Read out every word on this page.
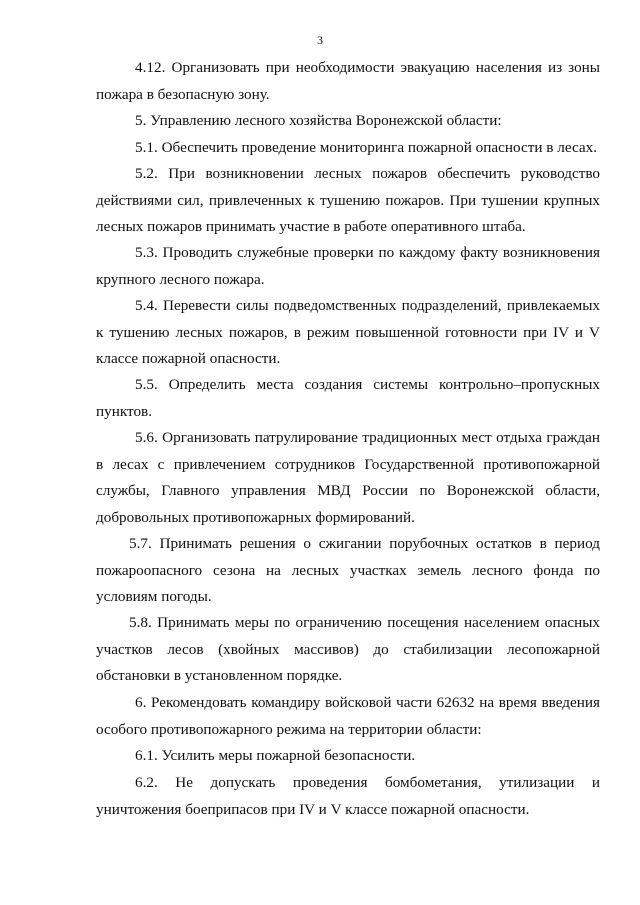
3

4.12. Организовать при необходимости эвакуацию населения из зоны
пожара в безопасную зону.

5. Управлению лесного хозяйства Воронежской области:

5.1. Обеспечить проведение мониторинга пожарной опасности в лесах.

5.2. При возникновении лесных пожаров обеспечить руководство
действиями сил, привлеченных к тушению пожаров. При тушении крупных
лесных пожаров принимать участие в работе оперативного штаба.

5.3. Проводить служебные проверки по каждому факту возникновения
крупного лесного пожара.

5.4. Перевести силы подведомственных подразделений, привлекаемых
к тушению лесных пожаров, в режим повышенной готовности при IV и V
классе пожарной опасности.

5.5. Определить места создания системы контрольно–пропускных
пунктов.

5.6. Организовать патрулирование традиционных мест отдыха граждан
в лесах с привлечением сотрудников Государственной противопожарной
службы, Главного управления МВД России по Воронежской области,
добровольных противопожарных формирований.

5.7. Принимать решения о сжигании порубочных остатков в период
пожароопасного сезона на лесных участках земель лесного фонда по
условиям погоды.

5.8. Принимать меры по ограничению посещения населением опасных
участков лесов (хвойных массивов) до стабилизации лесопожарной
обстановки в установленном порядке.

6. Рекомендовать командиру войсковой части 62632 на время введения
особого противопожарного режима на территории области:

6.1. Усилить меры пожарной безопасности.

6.2. Не допускать проведения бомбометания, утилизации и
уничтожения боеприпасов при IV и V классе пожарной опасности.
